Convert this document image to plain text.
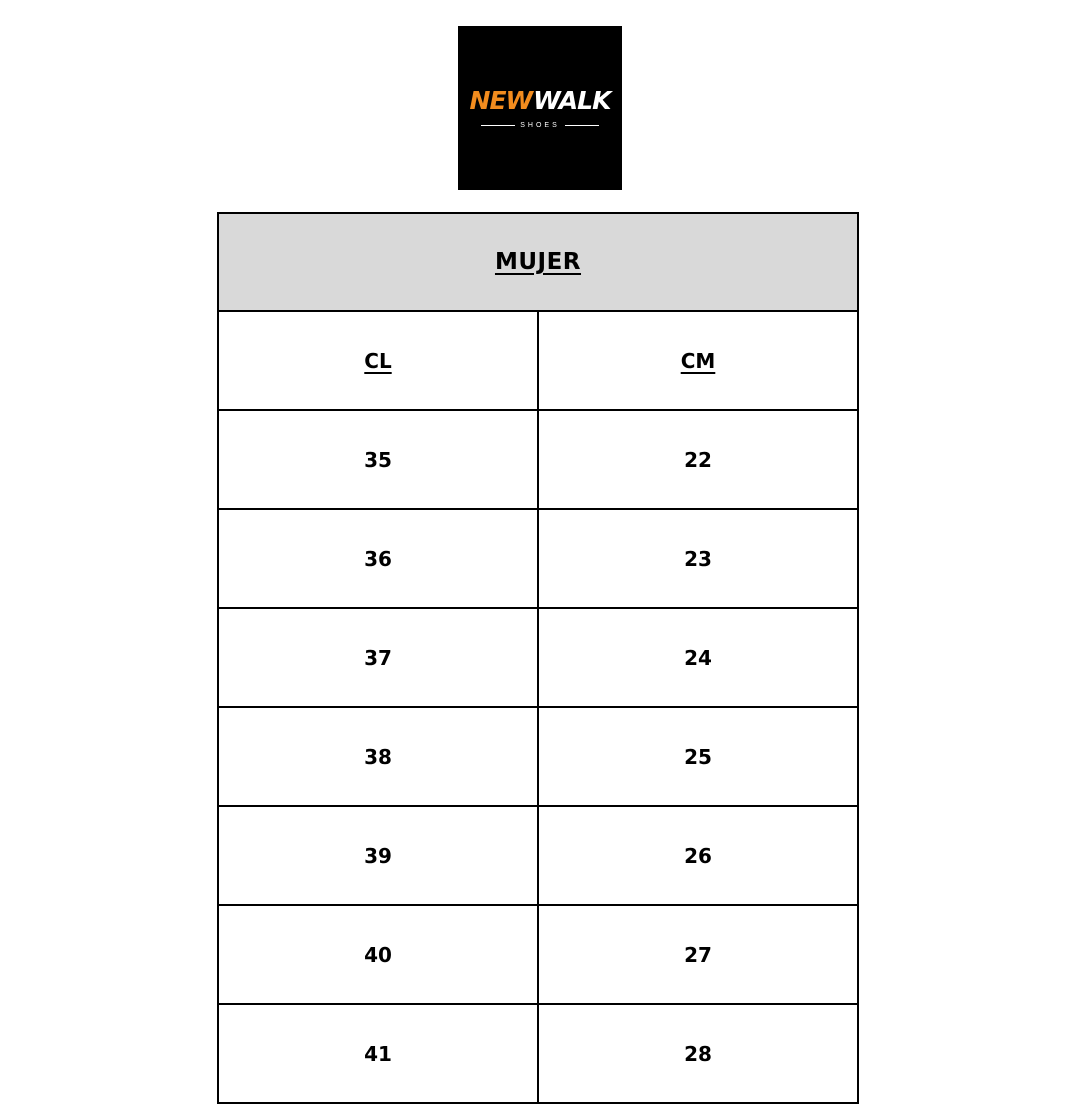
NEW WALK
SHOES
MUJER	
CL	CM
35	22
36	23
37	24
38	25
39	26
40	27
41	28
